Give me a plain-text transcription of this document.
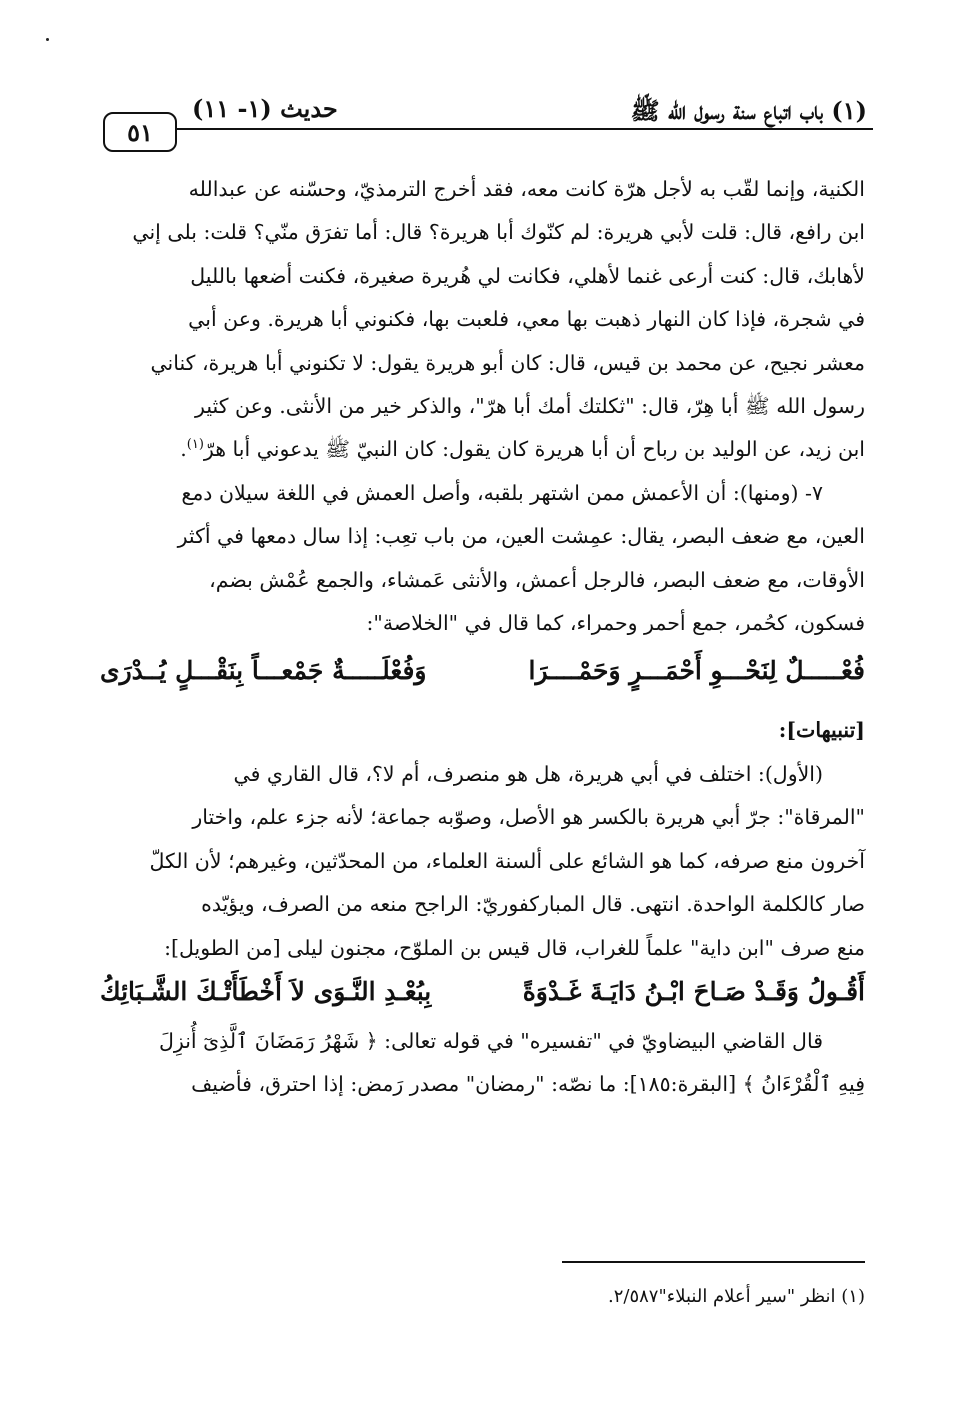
(١) باب اتباع سنة رسول الله ﷺ
حديث (١- ١١)
٥١

الكنية، وإنما لقّب به لأجل هرّة كانت معه، فقد أخرج الترمذيّ، وحسّنه عن عبدالله

ابن رافع، قال: قلت لأبي هريرة: لم كنّوك أبا هريرة؟ قال: أما تفرَق منّي؟ قلت: بلى إني

لأهابك، قال: كنت أرعى غنما لأهلي، فكانت لي هُريرة صغيرة، فكنت أضعها بالليل

في شجرة، فإذا كان النهار ذهبت بها معي، فلعبت بها، فكنوني أبا هريرة. وعن أبي

معشر نجيح، عن محمد بن قيس، قال: كان أبو هريرة يقول: لا تكنوني أبا هريرة، كناني

رسول الله ﷺ أبا هِرّ، قال: "ثكلتك أمك أبا هرّ"، والذكر خير من الأنثى. وعن كثير

ابن زيد، عن الوليد بن رباح أن أبا هريرة كان يقول: كان النبيّ ﷺ يدعوني أبا هرّ$^{(١)}$.

٧- (ومنها): أن الأعمش ممن اشتهر بلقبه، وأصل العمش في اللغة سيلان دمع

العين، مع ضعف البصر، يقال: عمِشت العين، من باب تعِب: إذا سال دمعها في أكثر

الأوقات، مع ضعف البصر، فالرجل أعمش، والأنثى عَمشاء، والجمع عُمْش بضم،

فسكون، كحُمر، جمع أحمر وحمراء، كما قال في "الخلاصة":

فُعْـــــلٌ لِنَحْـــوِ أَحْمَـــرٍ وَحَمْــــرَا
وَفُعْلَـــــةٌ جَمْعـــاً بِنَقْـــلٍ يُــدْرَى

[تنبيهات]:

(الأول): اختلف في أبي هريرة، هل هو منصرف، أم لا؟، قال القاري في

"المرقاة": جرّ أبي هريرة بالكسر هو الأصل، وصوّبه جماعة؛ لأنه جزء علم، واختار

آخرون منع صرفه، كما هو الشائع على ألسنة العلماء، من المحدّثين، وغيرهم؛ لأن الكلّ

صار كالكلمة الواحدة. انتهى. قال المباركفوريّ: الراجح منعه من الصرف، ويؤيّده

منع صرف "ابن داية" علماً للغراب، قال قيس بن الملوّح، مجنون ليلى [من الطويل]:

أَقُـولُ وَقَـدْ صَـاحَ ابْـنُ دَايَـةَ غَـدْوَةً
بِبُعْـدِ النَّـوَى لاَ أَخْطَأَتْـكَ الشَّـبَائِكُ

قال القاضي البيضاويّ في "تفسيره" في قوله تعالى: ﴿ شَهْرُ رَمَضَانَ ٱلَّذِىٓ أُنزِلَ

فِيهِ ٱلْقُرْءَانُ ﴾ [البقرة:١٨٥]: ما نصّه: "رمضان" مصدر رَمض: إذا احترق، فأضيف

(١) انظر "سير أعلام النبلاء"٢/٥٨٧.
